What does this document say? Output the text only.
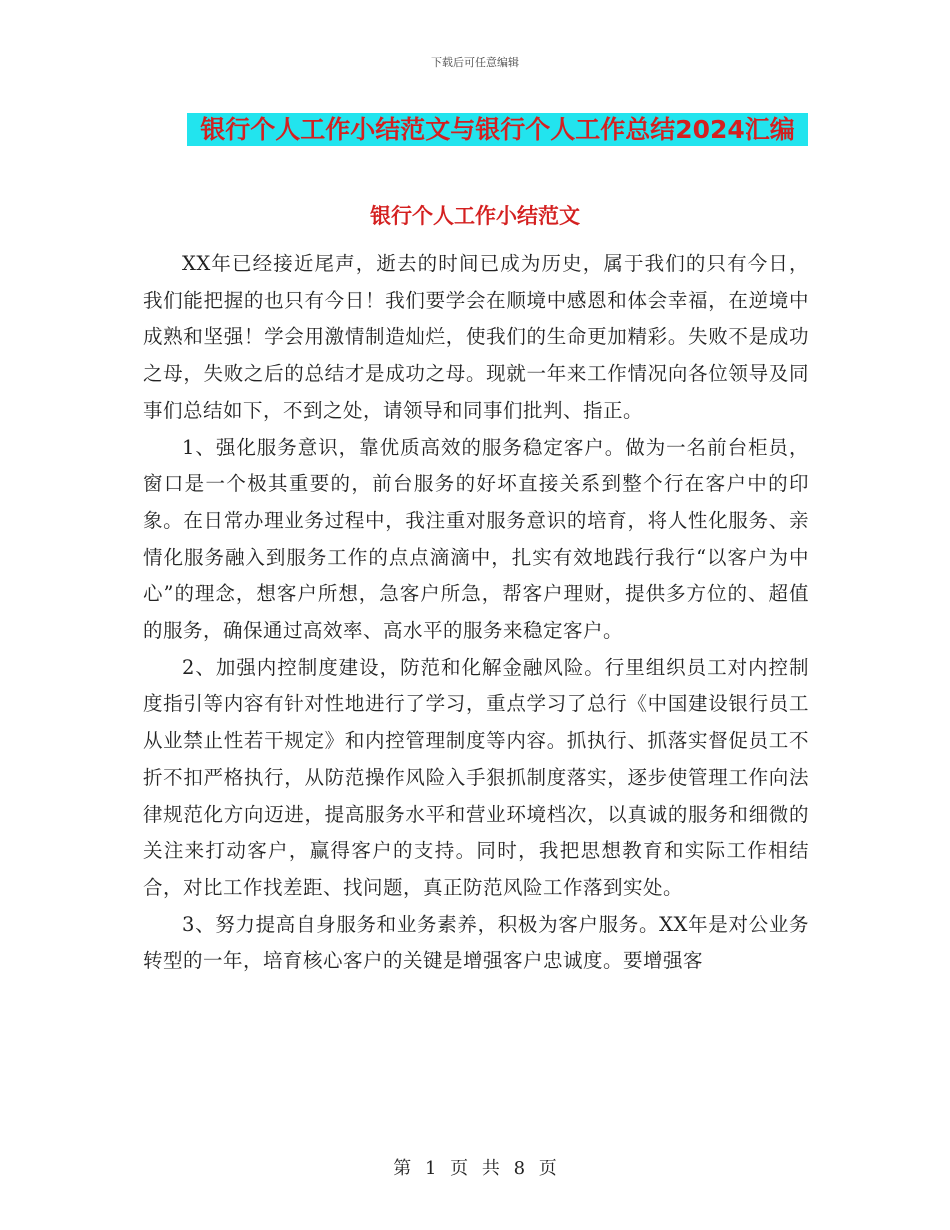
下载后可任意编辑
银行个人工作小结范文与银行个人工作总结2024汇编
银行个人工作小结范文

XX年已经接近尾声，逝去的时间已成为历史，属于我们的只有今日，我们能把握的也只有今日！我们要学会在顺境中感恩和体会幸福，在逆境中成熟和坚强！学会用激情制造灿烂，使我们的生命更加精彩。失败不是成功之母，失败之后的总结才是成功之母。现就一年来工作情况向各位领导及同事们总结如下，不到之处，请领导和同事们批判、指正。

1、强化服务意识，靠优质高效的服务稳定客户。做为一名前台柜员，窗口是一个极其重要的，前台服务的好坏直接关系到整个行在客户中的印象。在日常办理业务过程中，我注重对服务意识的培育，将人性化服务、亲情化服务融入到服务工作的点点滴滴中，扎实有效地践行我行“以客户为中心”的理念，想客户所想，急客户所急，帮客户理财，提供多方位的、超值的服务，确保通过高效率、高水平的服务来稳定客户。

2、加强内控制度建设，防范和化解金融风险。行里组织员工对内控制度指引等内容有针对性地进行了学习，重点学习了总行《中国建设银行员工从业禁止性若干规定》和内控管理制度等内容。抓执行、抓落实督促员工不折不扣严格执行，从防范操作风险入手狠抓制度落实，逐步使管理工作向法律规范化方向迈进，提高服务水平和营业环境档次，以真诚的服务和细微的关注来打动客户，赢得客户的支持。同时，我把思想教育和实际工作相结合，对比工作找差距、找问题，真正防范风险工作落到实处。

3、努力提高自身服务和业务素养，积极为客户服务。XX年是对公业务转型的一年，培育核心客户的关键是增强客户忠诚度。要增强客

第 1 页 共 8 页
